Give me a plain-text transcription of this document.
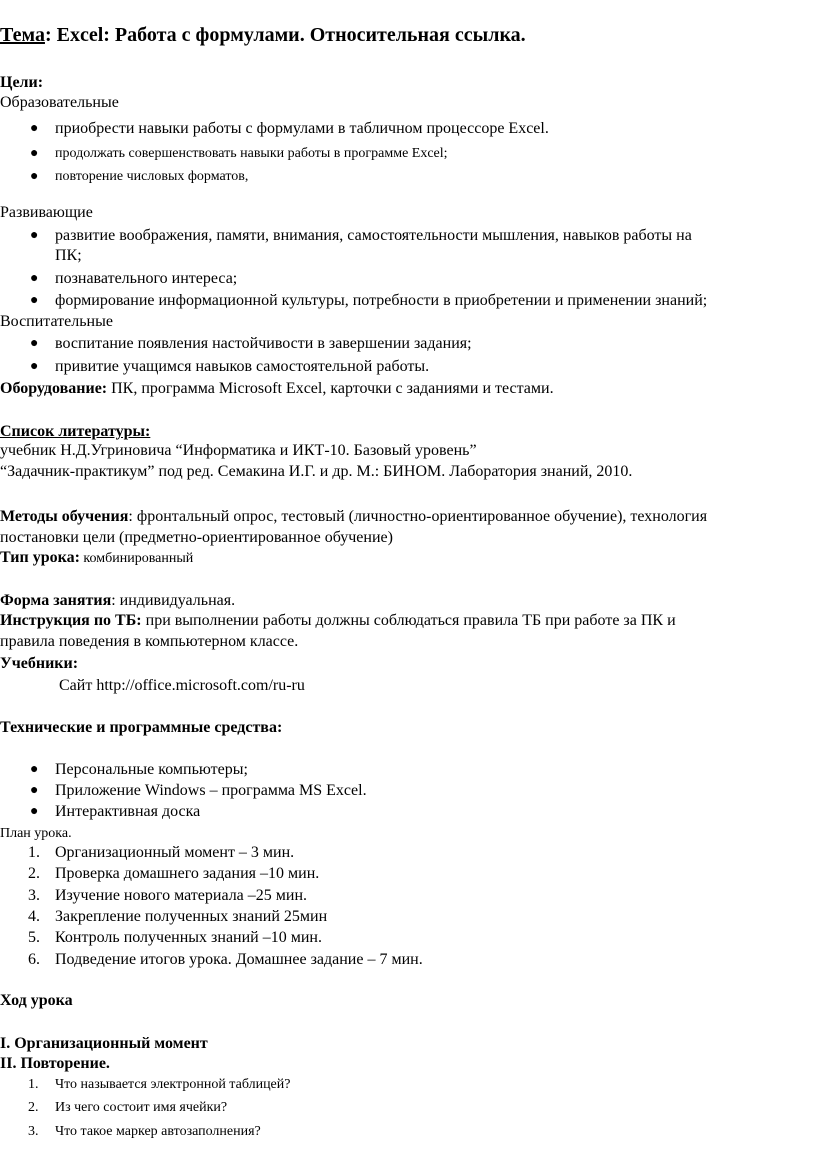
Тема: Excel: Работа с формулами. Относительная ссылка.
Цели:
Образовательные
● приобрести навыки работы с формулами в табличном процессоре Excel.
● продолжать совершенствовать навыки работы в программе Excel;
● повторение числовых форматов,
Развивающие
● развитие воображения, памяти, внимания, самостоятельности мышления, навыков работы на
ПК;
● познавательного интереса;
● формирование информационной культуры, потребности в приобретении и применении знаний;
Воспитательные
● воспитание появления настойчивости в завершении задания;
● привитие учащимся навыков самостоятельной работы.
Оборудование: ПК, программа Microsoft Excel, карточки с заданиями и тестами.
Список литературы:
учебник Н.Д.Угриновича “Информатика и ИКТ-10. Базовый уровень”
“Задачник-практикум” под ред. Семакина И.Г. и др. М.: БИНОМ. Лаборатория знаний, 2010.
Методы обучения: фронтальный опрос, тестовый (личностно-ориентированное обучение), технология
постановки цели (предметно-ориентированное обучение)
Тип урока: комбинированный
Форма занятия: индивидуальная.
Инструкция по ТБ: при выполнении работы должны соблюдаться правила ТБ при работе за ПК и
правила поведения в компьютерном классе.
Учебники:
Сайт http://office.microsoft.com/ru-ru
Технические и программные средства:
● Персональные компьютеры;
● Приложение Windows – программа MS Excel.
● Интерактивная доска
План урока.
1. Организационный момент – 3 мин.
2. Проверка домашнего задания –10 мин.
3. Изучение нового материала –25 мин.
4. Закрепление полученных знаний 25мин
5. Контроль полученных знаний –10 мин.
6. Подведение итогов урока. Домашнее задание – 7 мин.
Ход урока
I. Организационный момент
II. Повторение.
1. Что называется электронной таблицей?
2. Из чего состоит имя ячейки?
3. Что такое маркер автозаполнения?
